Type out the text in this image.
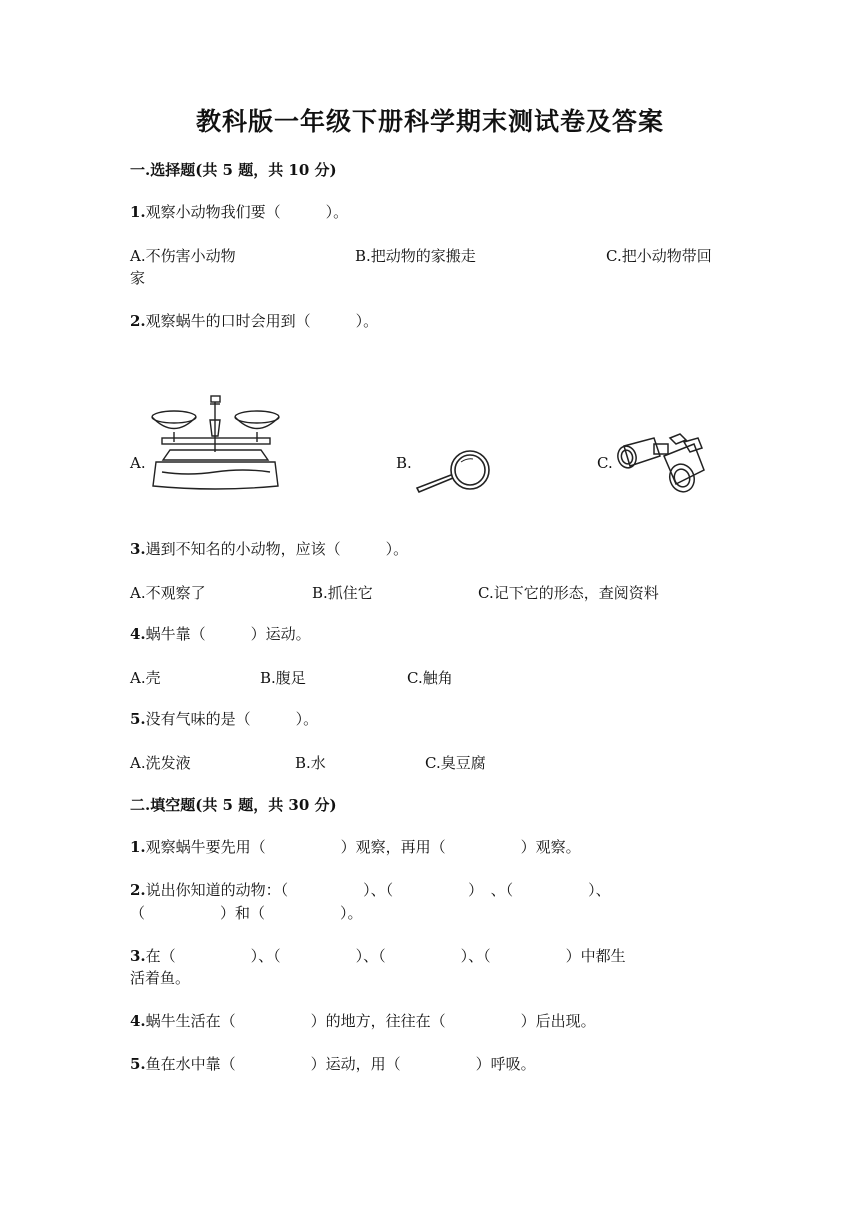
教科版一年级下册科学期末测试卷及答案
一.选择题(共 5 题，共 10 分)
1.观察小动物我们要（　　　）。
A.不伤害小动物	B.把动物的家搬走	C.把小动物带回
家
2.观察蜗牛的口时会用到（　　　）。
A.	B.	C.
3.遇到不知名的小动物，应该（　　　）。
A.不观察了	B.抓住它	C.记下它的形态，查阅资料
4.蜗牛靠（　　　）运动。
A.壳	B.腹足	C.触角
5.没有气味的是（　　　）。
A.洗发液	B.水	C.臭豆腐
二.填空题(共 5 题，共 30 分)
1.观察蜗牛要先用（　　　　　）观察，再用（　　　　　）观察。
2.说出你知道的动物：（　　　　　）、（　　　　　）　、（　　　　　）、
（　　　　　）和（　　　　　）。
3.在（　　　　　）、（　　　　　）、（　　　　　）、（　　　　　）中都生
活着鱼。
4.蜗牛生活在（　　　　　）的地方，往往在（　　　　　）后出现。
5.鱼在水中靠（　　　　　）运动，用（　　　　　）呼吸。
